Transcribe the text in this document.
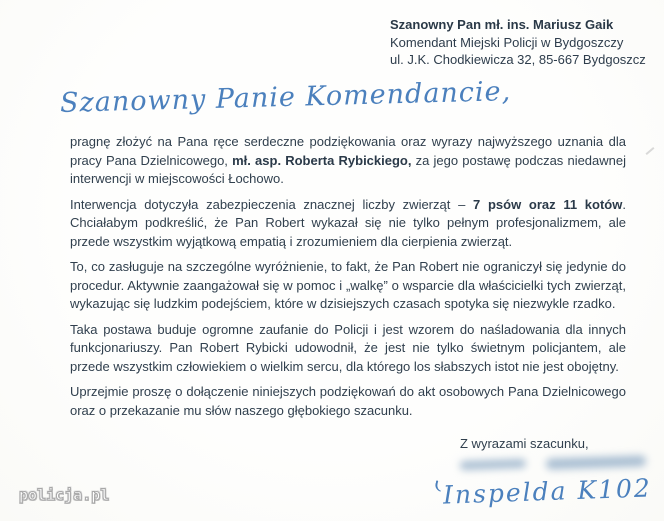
Szanowny Pan mł. ins. Mariusz Gaik
Komendant Miejski Policji w Bydgoszczy
ul. J.K. Chodkiewicza 32, 85-667 Bydgoszcz
Szanowny Panie Komendancie,

pragnę złożyć na Pana ręce serdeczne podziękowania oraz wyrazy najwyższego uznania dla pracy Pana Dzielnicowego, mł. asp. Roberta Rybickiego, za jego postawę podczas niedawnej interwencji w miejscowości Łochowo.

Interwencja dotyczyła zabezpieczenia znacznej liczby zwierząt – 7 psów oraz 11 kotów. Chciałabym podkreślić, że Pan Robert wykazał się nie tylko pełnym profesjonalizmem, ale przede wszystkim wyjątkową empatią i zrozumieniem dla cierpienia zwierząt.

To, co zasługuje na szczególne wyróżnienie, to fakt, że Pan Robert nie ograniczył się jedynie do procedur. Aktywnie zaangażował się w pomoc i „walkę” o wsparcie dla właścicielki tych zwierząt, wykazując się ludzkim podejściem, które w dzisiejszych czasach spotyka się niezwykle rzadko.

Taka postawa buduje ogromne zaufanie do Policji i jest wzorem do naśladowania dla innych funkcjonariuszy. Pan Robert Rybicki udowodnił, że jest nie tylko świetnym policjantem, ale przede wszystkim człowiekiem o wielkim sercu, dla którego los słabszych istot nie jest obojętny.

Uprzejmie proszę o dołączenie niniejszych podziękowań do akt osobowych Pana Dzielnicowego oraz o przekazanie mu słów naszego głębokiego szacunku.

Z wyrazami szacunku,
Inspelda K102
policja.pl
